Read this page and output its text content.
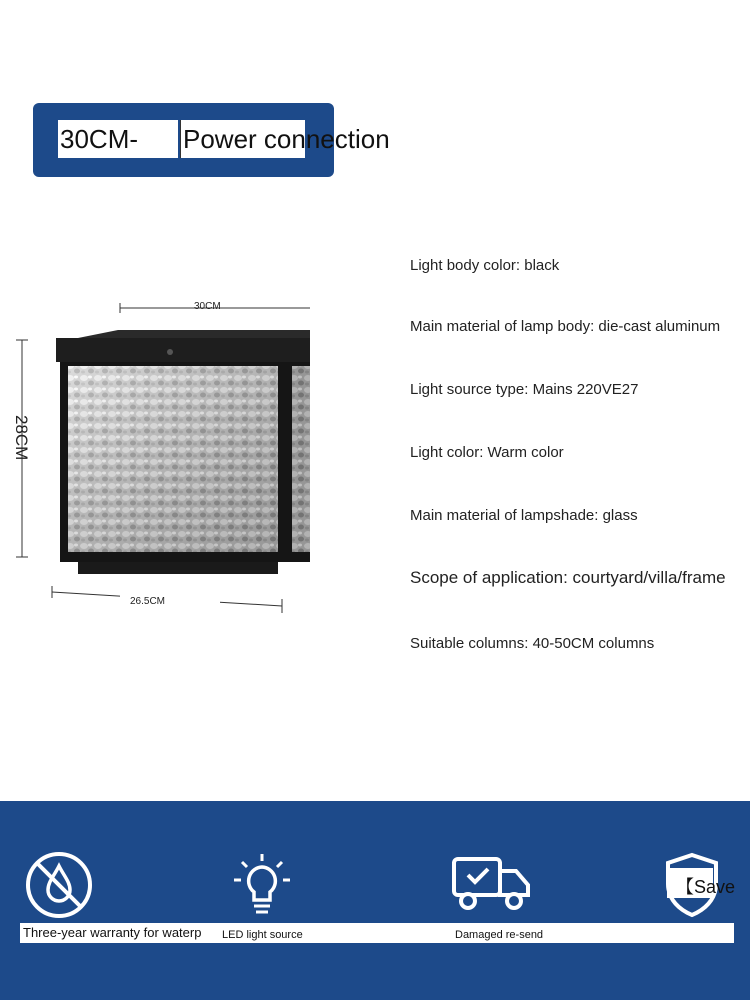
30CM- Power connection
30CM
28CM
26.5CM
Light body color: black
Main material of lamp body: die-cast aluminum
Light source type: Mains 220VE27
Light color: Warm color
Main material of lampshade: glass
Scope of application: courtyard/villa/frame
Suitable columns: 40-50CM columns
【Save
Three-year warranty for waterp LED light source	Damaged re-send
